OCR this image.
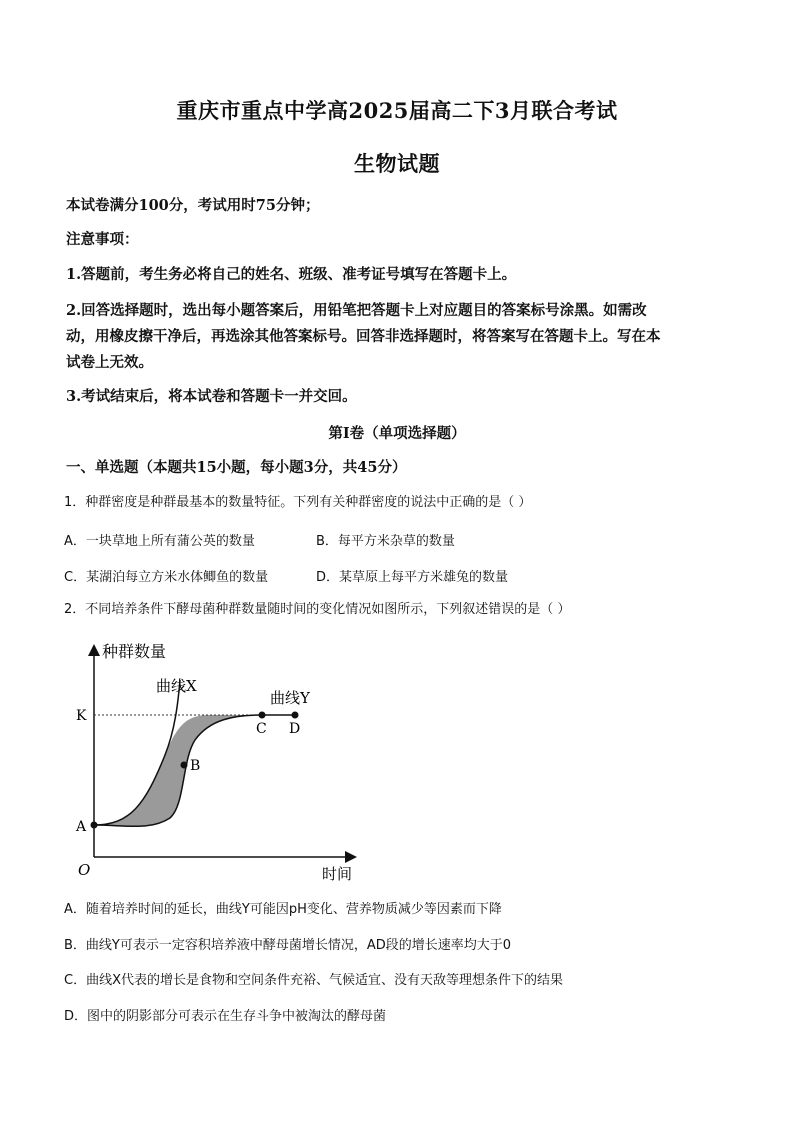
重庆市重点中学高2025届高二下3月联合考试
生物试题
本试卷满分100分，考试用时75分钟；
注意事项：
1.答题前，考生务必将自己的姓名、班级、准考证号填写在答题卡上。
2.回答选择题时，选出每小题答案后，用铅笔把答题卡上对应题目的答案标号涂黑。如需改
动，用橡皮擦干净后，再选涂其他答案标号。回答非选择题时，将答案写在答题卡上。写在本
试卷上无效。
3.考试结束后，将本试卷和答题卡一并交回。
第Ⅰ卷（单项选择题）
一、单选题（本题共15小题，每小题3分，共45分）
1．种群密度是种群最基本的数量特征。下列有关种群密度的说法中正确的是（ ）
A．一块草地上所有蒲公英的数量	B．每平方米杂草的数量
C．某湖泊每立方米水体鲫鱼的数量	D．某草原上每平方米雄兔的数量
2．不同培养条件下酵母菌种群数量随时间的变化情况如图所示，下列叙述错误的是（ ）
种群数量
时间
O
K
曲线X
曲线Y
A
B
C D
A．随着培养时间的延长，曲线Y可能因pH变化、营养物质减少等因素而下降
B．曲线Y可表示一定容积培养液中酵母菌增长情况，AD段的增长速率均大于0
C．曲线X代表的增长是食物和空间条件充裕、气候适宜、没有天敌等理想条件下的结果
D．图中的阴影部分可表示在生存斗争中被淘汰的酵母菌
